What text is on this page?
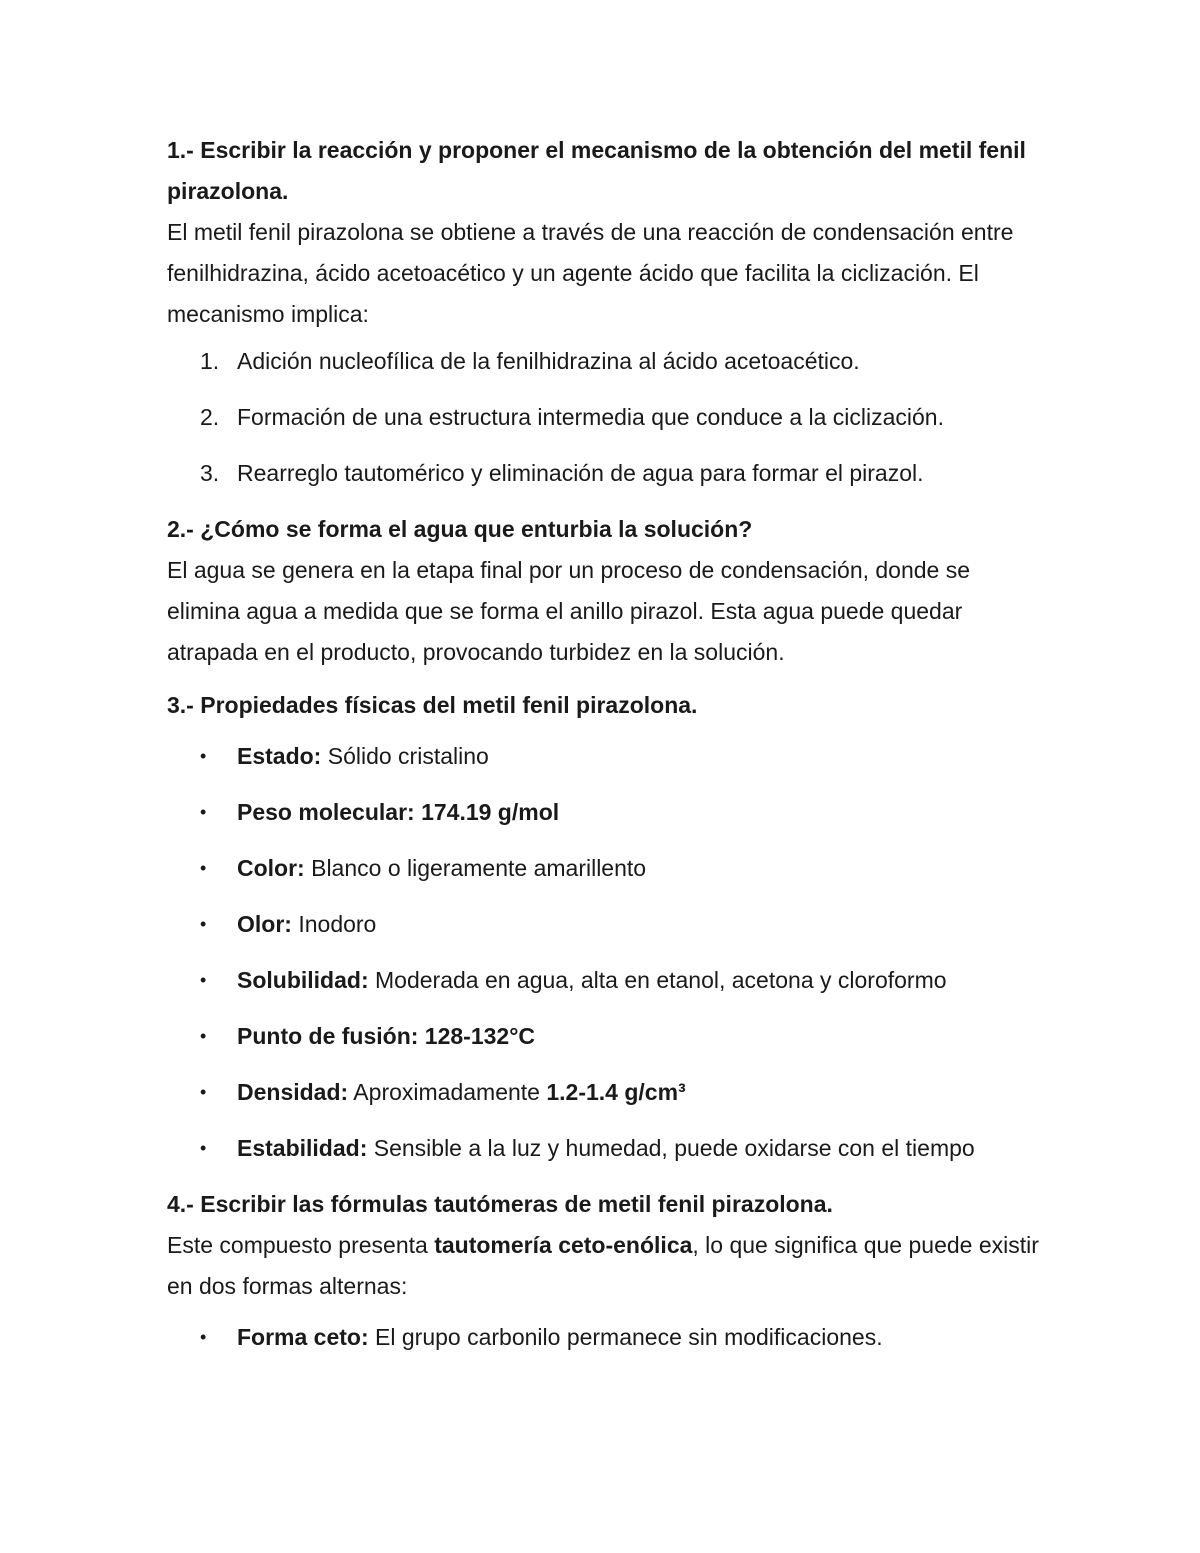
1.- Escribir la reacción y proponer el mecanismo de la obtención del metil fenil pirazolona.

El metil fenil pirazolona se obtiene a través de una reacción de condensación entre fenilhidrazina, ácido acetoacético y un agente ácido que facilita la ciclización. El mecanismo implica:

1. Adición nucleofílica de la fenilhidrazina al ácido acetoacético.
2. Formación de una estructura intermedia que conduce a la ciclización.
3. Rearreglo tautomérico y eliminación de agua para formar el pirazol.

2.- ¿Cómo se forma el agua que enturbia la solución?

El agua se genera en la etapa final por un proceso de condensación, donde se elimina agua a medida que se forma el anillo pirazol. Esta agua puede quedar atrapada en el producto, provocando turbidez en la solución.

3.- Propiedades físicas del metil fenil pirazolona.

• Estado: Sólido cristalino
• Peso molecular: 174.19 g/mol
• Color: Blanco o ligeramente amarillento
• Olor: Inodoro
• Solubilidad: Moderada en agua, alta en etanol, acetona y cloroformo
• Punto de fusión: 128-132°C
• Densidad: Aproximadamente 1.2-1.4 g/cm³
• Estabilidad: Sensible a la luz y humedad, puede oxidarse con el tiempo

4.- Escribir las fórmulas tautómeras de metil fenil pirazolona.

Este compuesto presenta tautomería ceto-enólica, lo que significa que puede existir en dos formas alternas:

• Forma ceto: El grupo carbonilo permanece sin modificaciones.
